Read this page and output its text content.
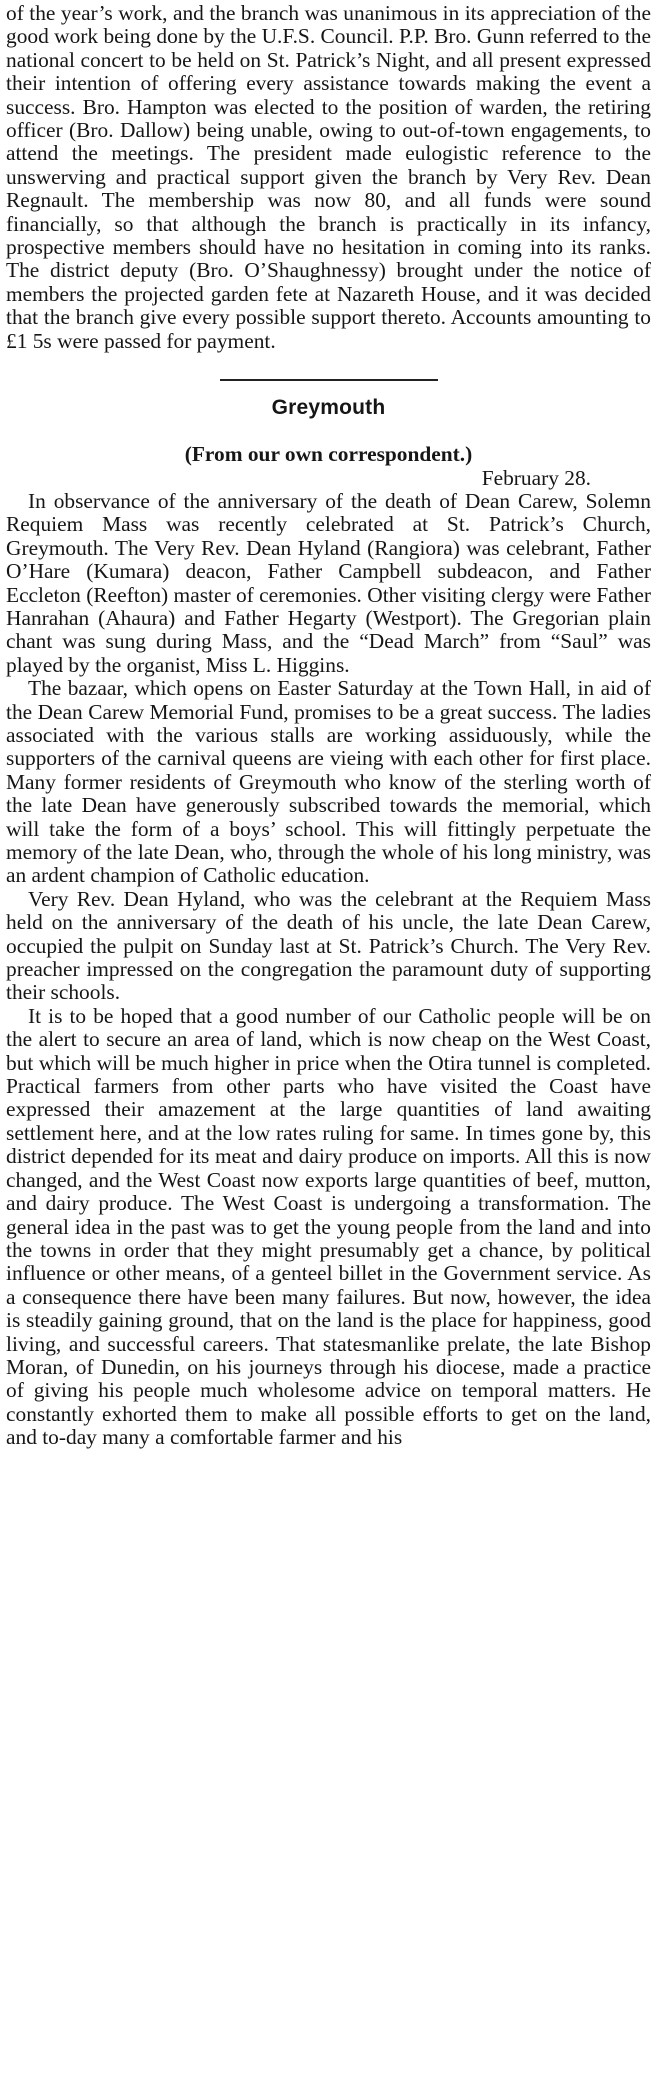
of the year’s work, and the branch was unanimous in its appreciation of the good work being done by the U.F.S. Council. P.P. Bro. Gunn referred to the national concert to be held on St. Patrick’s Night, and all present expressed their intention of offering every assistance towards making the event a success. Bro. Hampton was elected to the position of warden, the retiring officer (Bro. Dallow) being unable, owing to out-of-town engagements, to attend the meetings. The president made eulogistic reference to the unswerving and practical support given the branch by Very Rev. Dean Regnault. The membership was now 80, and all funds were sound financially, so that although the branch is practically in its infancy, prospective members should have no hesitation in coming into its ranks. The district deputy (Bro. O’Shaughnessy) brought under the notice of members the projected garden fete at Nazareth House, and it was decided that the branch give every possible support thereto. Accounts amounting to £1 5s were passed for payment.

Greymouth

(From our own correspondent.)

February 28.

In observance of the anniversary of the death of Dean Carew, Solemn Requiem Mass was recently celebrated at St. Patrick’s Church, Greymouth. The Very Rev. Dean Hyland (Rangiora) was celebrant, Father O’Hare (Kumara) deacon, Father Campbell subdeacon, and Father Eccleton (Reefton) master of ceremonies. Other visiting clergy were Father Hanrahan (Ahaura) and Father Hegarty (Westport). The Gregorian plain chant was sung during Mass, and the “Dead March” from “Saul” was played by the organist, Miss L. Higgins.

The bazaar, which opens on Easter Saturday at the Town Hall, in aid of the Dean Carew Memorial Fund, promises to be a great success. The ladies associated with the various stalls are working assiduously, while the supporters of the carnival queens are vieing with each other for first place. Many former residents of Greymouth who know of the sterling worth of the late Dean have generously subscribed towards the memorial, which will take the form of a boys’ school. This will fittingly perpetuate the memory of the late Dean, who, through the whole of his long ministry, was an ardent champion of Catholic education.

Very Rev. Dean Hyland, who was the celebrant at the Requiem Mass held on the anniversary of the death of his uncle, the late Dean Carew, occupied the pulpit on Sunday last at St. Patrick’s Church. The Very Rev. preacher impressed on the congregation the paramount duty of supporting their schools.

It is to be hoped that a good number of our Catholic people will be on the alert to secure an area of land, which is now cheap on the West Coast, but which will be much higher in price when the Otira tunnel is completed. Practical farmers from other parts who have visited the Coast have expressed their amazement at the large quantities of land awaiting settlement here, and at the low rates ruling for same. In times gone by, this district depended for its meat and dairy produce on imports. All this is now changed, and the West Coast now exports large quantities of beef, mutton, and dairy produce. The West Coast is undergoing a transformation. The general idea in the past was to get the young people from the land and into the towns in order that they might presumably get a chance, by political influence or other means, of a genteel billet in the Government service. As a consequence there have been many failures. But now, however, the idea is steadily gaining ground, that on the land is the place for happiness, good living, and successful careers. That statesmanlike prelate, the late Bishop Moran, of Dunedin, on his journeys through his diocese, made a practice of giving his people much wholesome advice on temporal matters. He constantly exhorted them to make all possible efforts to get on the land, and to-day many a comfortable farmer and his
